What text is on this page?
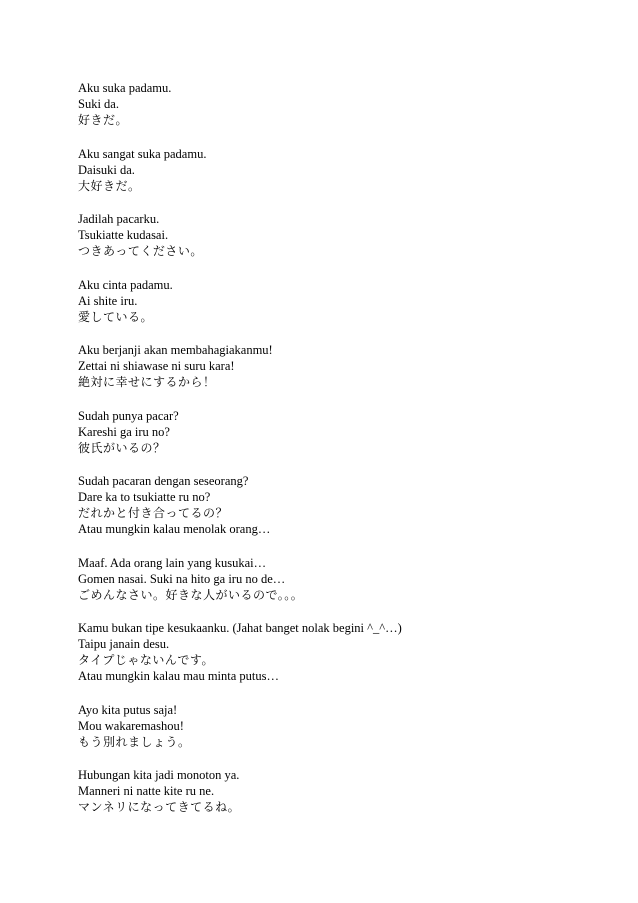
Aku suka padamu.
Suki da.
好きだ。
Aku sangat suka padamu.
Daisuki da.
大好きだ。
Jadilah pacarku.
Tsukiatte kudasai.
つきあってください。
Aku cinta padamu.
Ai shite iru.
愛している。
Aku berjanji akan membahagiakanmu!
Zettai ni shiawase ni suru kara!
絶対に幸せにするから！
Sudah punya pacar?
Kareshi ga iru no?
彼氏がいるの？
Sudah pacaran dengan seseorang?
Dare ka to tsukiatte ru no?
だれかと付き合ってるの？
Atau mungkin kalau menolak orang…
Maaf. Ada orang lain yang kusukai…
Gomen nasai. Suki na hito ga iru no de…
ごめんなさい。好きな人がいるので。。。
Kamu bukan tipe kesukaanku. (Jahat banget nolak begini ^_^…)
Taipu janain desu.
タイプじゃないんです。
Atau mungkin kalau mau minta putus…
Ayo kita putus saja!
Mou wakaremashou!
もう別れましょう。
Hubungan kita jadi monoton ya.
Manneri ni natte kite ru ne.
マンネリになってきてるね。
